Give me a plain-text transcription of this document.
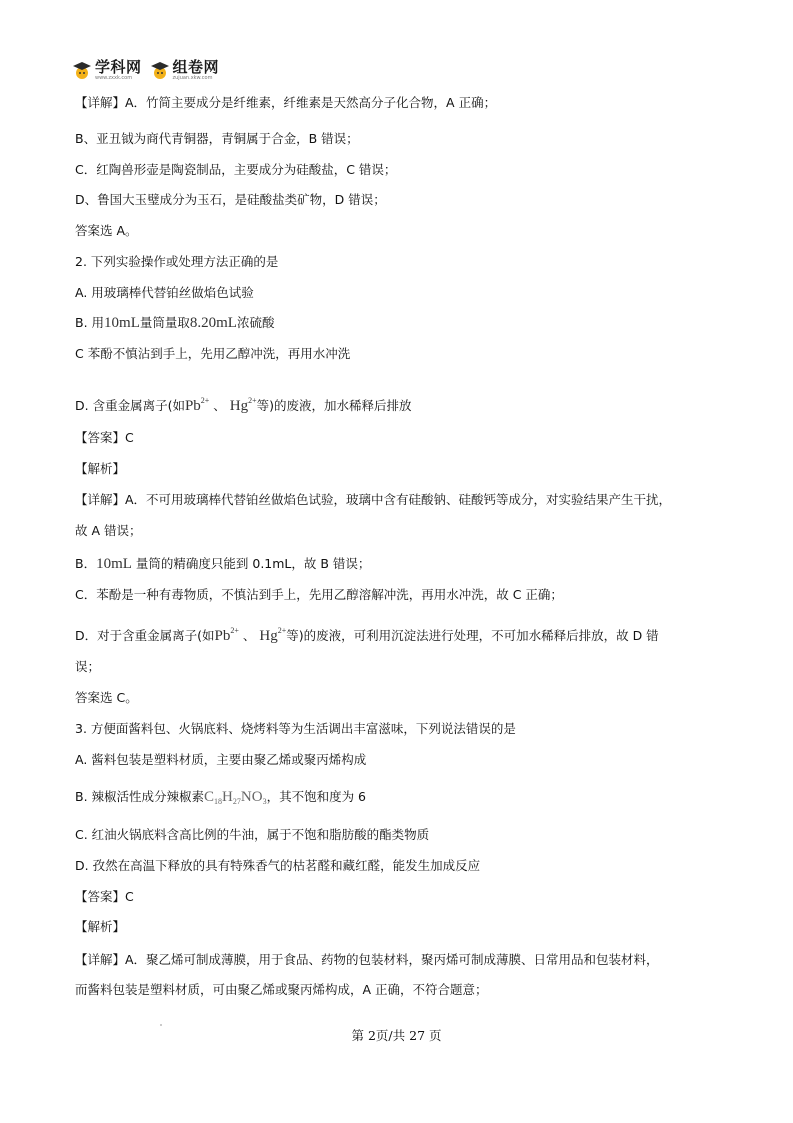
学科网
www.zxxk.com
组卷网
zujuan.xkw.com
【详解】A．竹简主要成分是纤维素，纤维素是天然高分子化合物，A 正确；
B、亚丑钺为商代青铜器，青铜属于合金，B 错误；
C．红陶兽形壶是陶瓷制品，主要成分为硅酸盐，C 错误；
D、鲁国大玉璧成分为玉石，是硅酸盐类矿物，D 错误；
答案选 A。
2. 下列实验操作或处理方法正确的是
A. 用玻璃棒代替铂丝做焰色试验
B. 用10mL量筒量取8.20mL浓硫酸
C 苯酚不慎沾到手上，先用乙醇冲洗，再用水冲洗
D. 含重金属离子(如$Pb^{2+}$ 、 $Hg^{2+}$等)的废液，加水稀释后排放
【答案】C
【解析】
【详解】A．不可用玻璃棒代替铂丝做焰色试验，玻璃中含有硅酸钠、硅酸钙等成分，对实验结果产生干扰，
故 A 错误；
B．10mL 量筒的精确度只能到 0.1mL，故 B 错误；
C．苯酚是一种有毒物质，不慎沾到手上，先用乙醇溶解冲洗，再用水冲洗，故 C 正确；
D．对于含重金属离子(如$Pb^{2+}$ 、 $Hg^{2+}$等)的废液，可利用沉淀法进行处理，不可加水稀释后排放，故 D 错
误；
答案选 C。
3. 方便面酱料包、火锅底料、烧烤料等为生活调出丰富滋味，下列说法错误的是
A. 酱料包装是塑料材质，主要由聚乙烯或聚丙烯构成
B. 辣椒活性成分辣椒素$C_{18}H_{27}NO_3$，其不饱和度为 6
C. 红油火锅底料含高比例的牛油，属于不饱和脂肪酸的酯类物质
D. 孜然在高温下释放的具有特殊香气的枯茗醛和藏红醛，能发生加成反应
【答案】C
【解析】
【详解】A．聚乙烯可制成薄膜，用于食品、药物的包装材料，聚丙烯可制成薄膜、日常用品和包装材料，
而酱料包装是塑料材质，可由聚乙烯或聚丙烯构成，A 正确，不符合题意；
第 2页/共 27 页
